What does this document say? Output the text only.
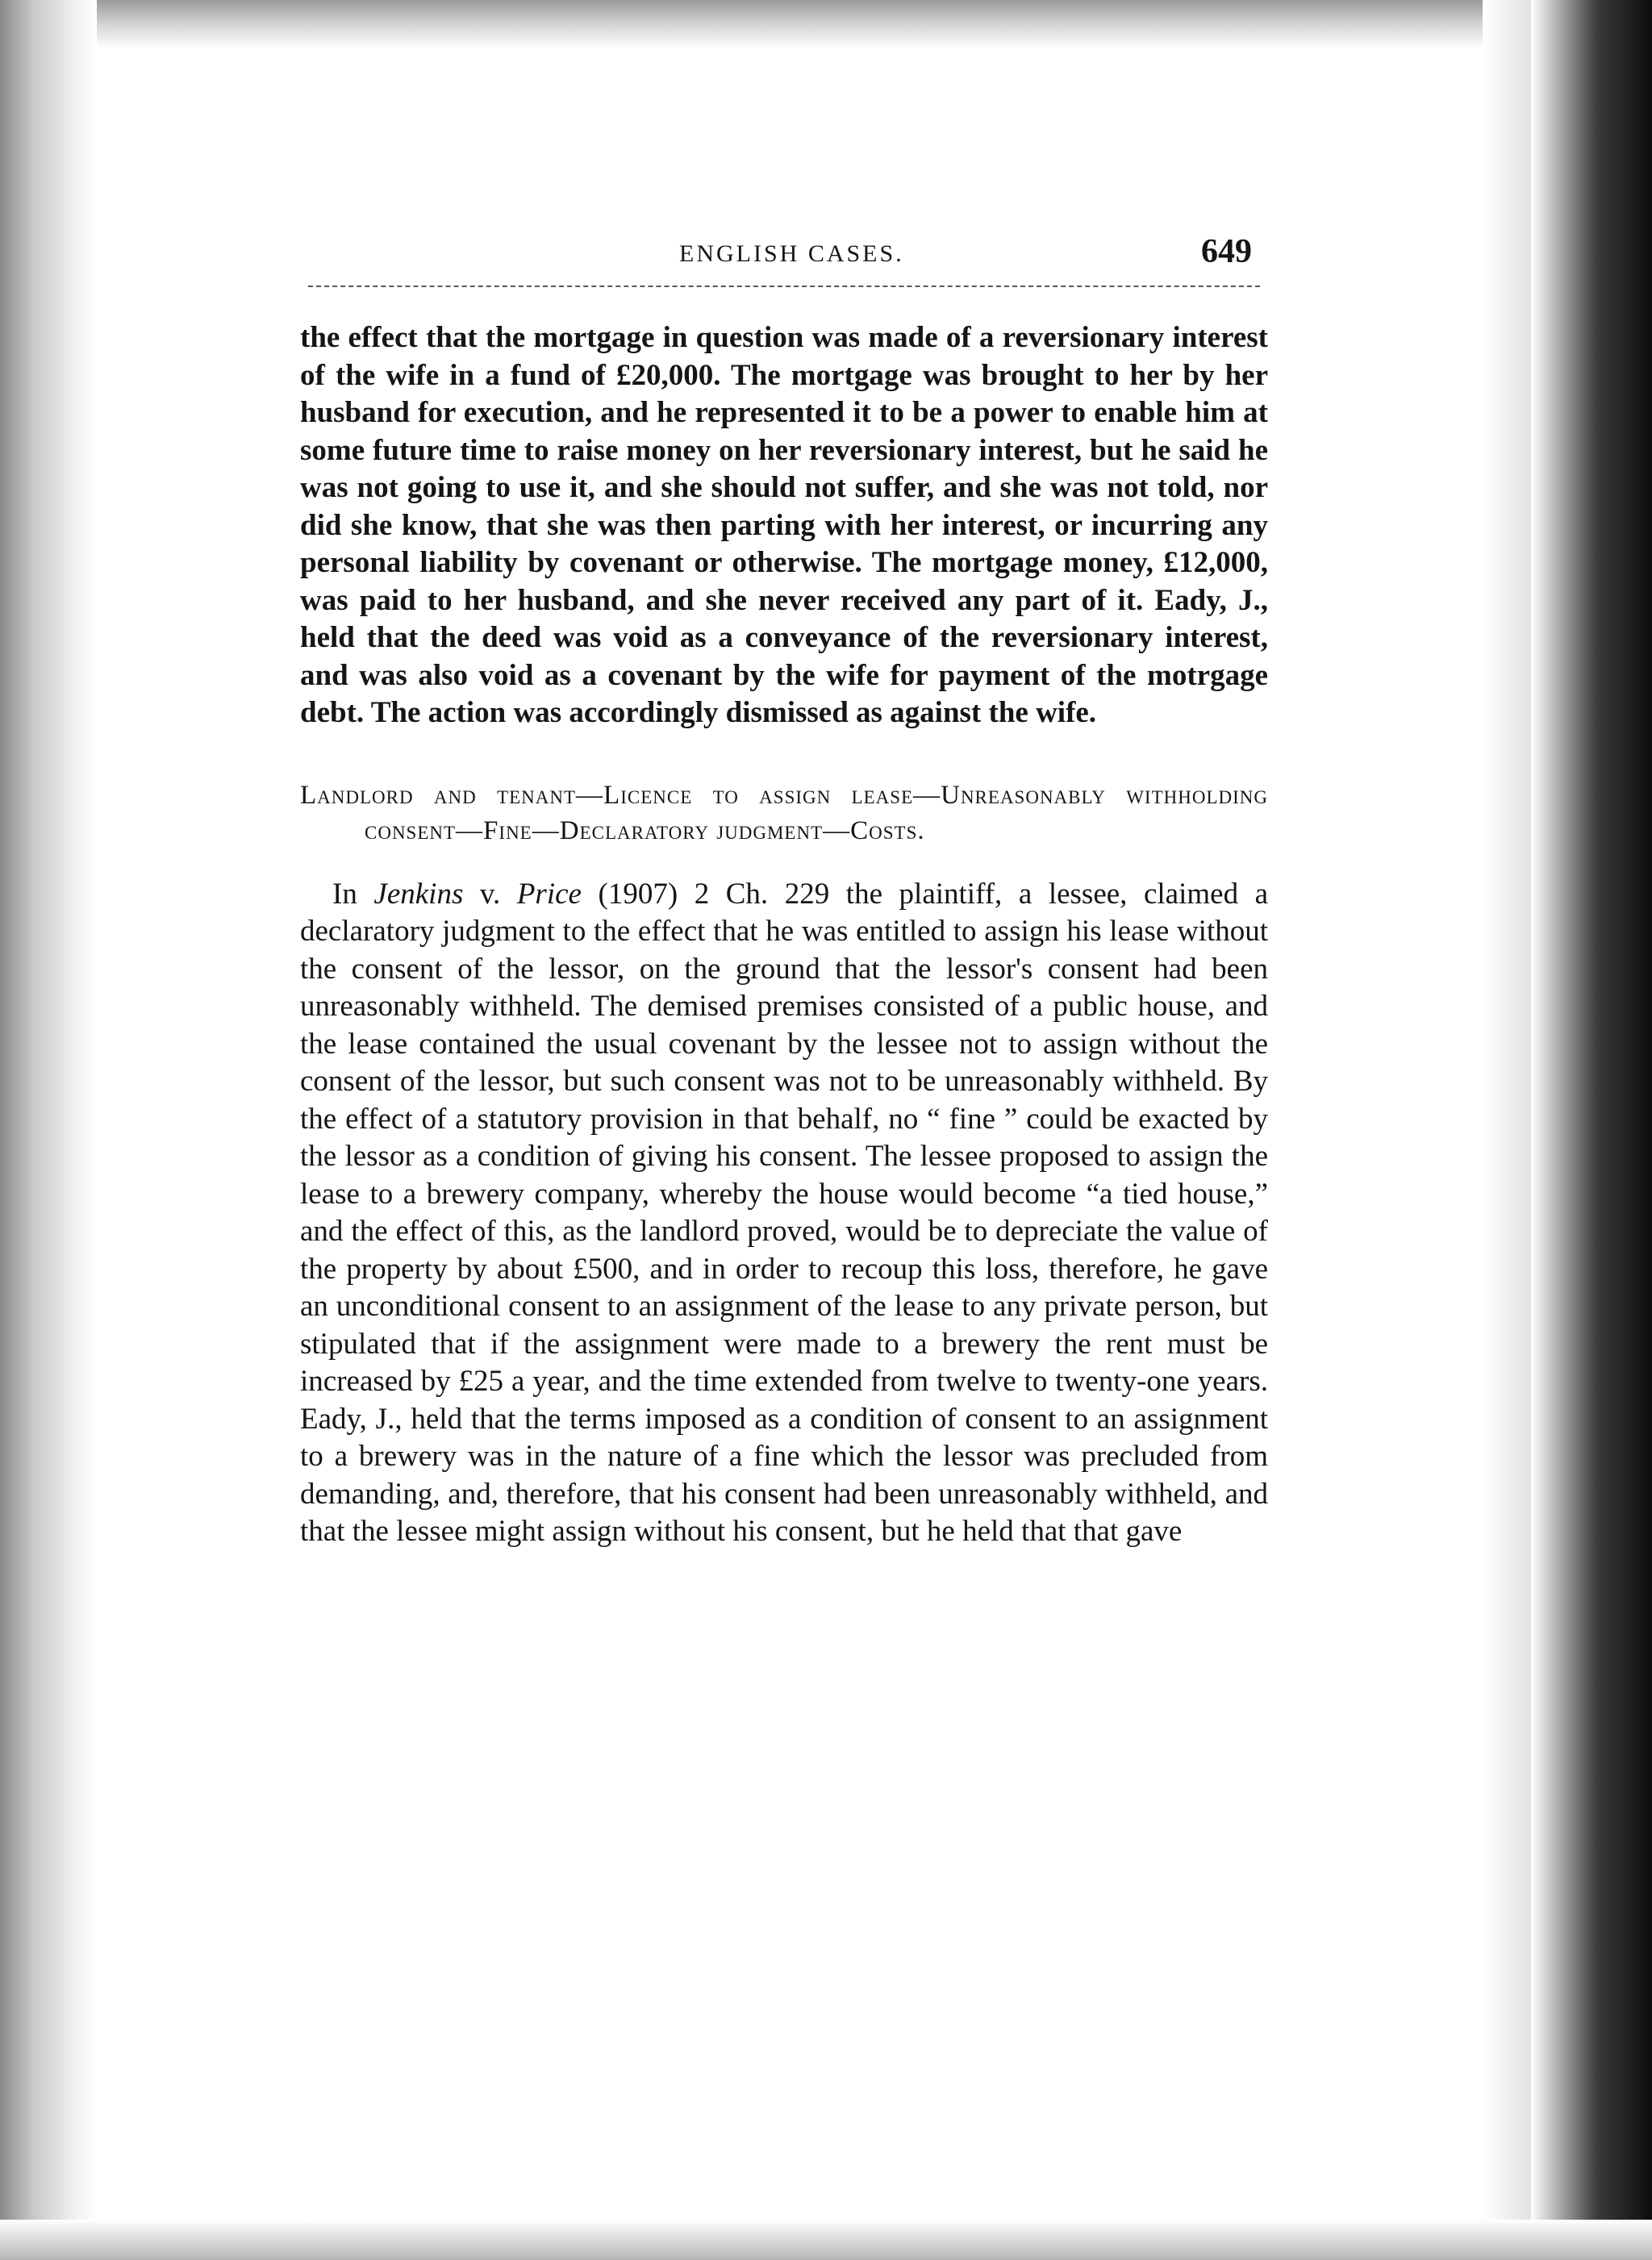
ENGLISH CASES.	649

the effect that the mortgage in question was made of a reversionary interest of the wife in a fund of £20,000. The mortgage was brought to her by her husband for execution, and he represented it to be a power to enable him at some future time to raise money on her reversionary interest, but he said he was not going to use it, and she should not suffer, and she was not told, nor did she know, that she was then parting with her interest, or incurring any personal liability by covenant or otherwise. The mortgage money, £12,000, was paid to her husband, and she never received any part of it. Eady, J., held that the deed was void as a conveyance of the reversionary interest, and was also void as a covenant by the wife for payment of the motrgage debt. The action was accordingly dismissed as against the wife.

Landlord and tenant—Licence to assign lease—Unreasonably withholding consent—Fine—Declaratory judgment—Costs.

In Jenkins v. Price (1907) 2 Ch. 229 the plaintiff, a lessee, claimed a declaratory judgment to the effect that he was entitled to assign his lease without the consent of the lessor, on the ground that the lessor's consent had been unreasonably withheld. The demised premises consisted of a public house, and the lease contained the usual covenant by the lessee not to assign without the consent of the lessor, but such consent was not to be unreasonably withheld. By the effect of a statutory provision in that behalf, no “ fine ” could be exacted by the lessor as a condition of giving his consent. The lessee proposed to assign the lease to a brewery company, whereby the house would become “a tied house,” and the effect of this, as the landlord proved, would be to depreciate the value of the property by about £500, and in order to recoup this loss, therefore, he gave an unconditional consent to an assignment of the lease to any private person, but stipulated that if the assignment were made to a brewery the rent must be increased by £25 a year, and the time extended from twelve to twenty-one years. Eady, J., held that the terms imposed as a condition of consent to an assignment to a brewery was in the nature of a fine which the lessor was precluded from demanding, and, therefore, that his consent had been unreasonably withheld, and that the lessee might assign without his consent, but he held that that gave
